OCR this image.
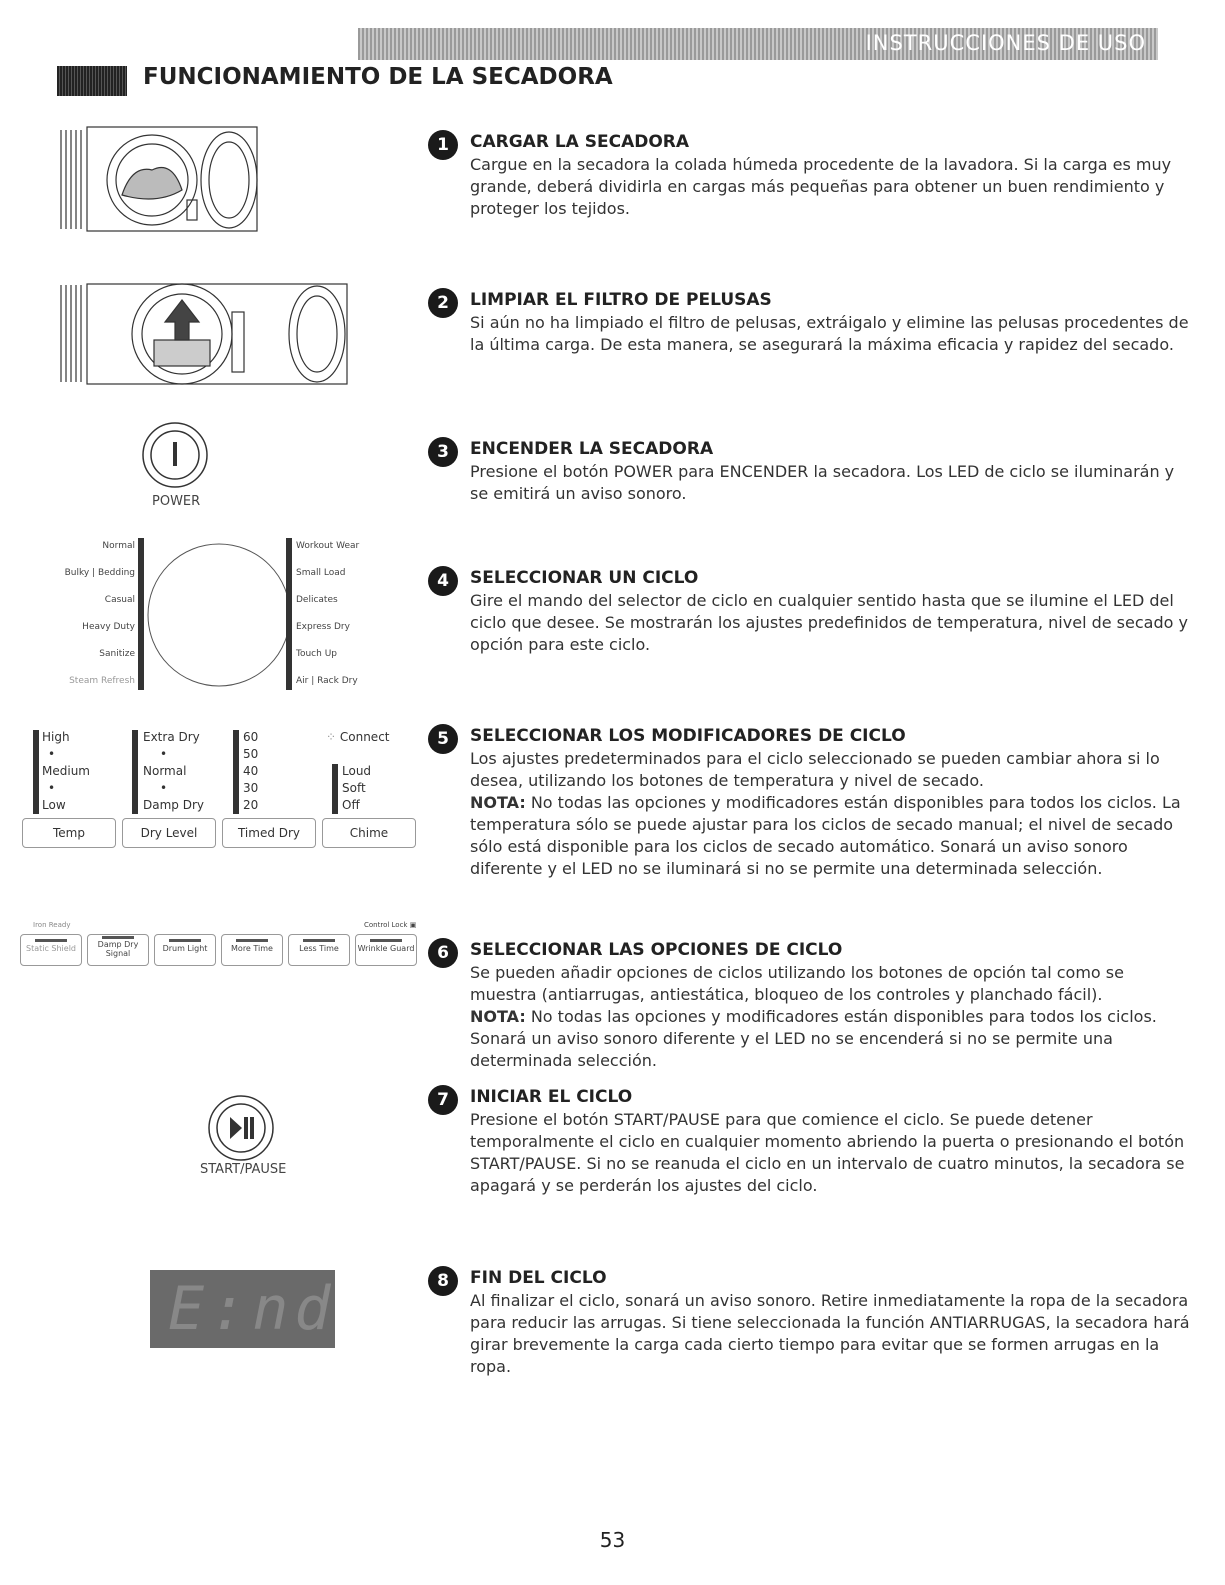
INSTRUCCIONES DE USO
FUNCIONAMIENTO DE LA SECADORA
POWER
Normal
Bulky | Bedding
Casual
Heavy Duty
Sanitize
Steam Refresh
Workout Wear
Small Load
Delicates
Express Dry
Touch Up
Air | Rack Dry
High
•
Medium
•
Low
Extra Dry
•
Normal
•
Damp Dry
60
50
40
30
20
⁘ Connect
Loud
Soft
Off
Temp	Dry Level	Timed Dry	Chime
Iron Ready	Control Lock ▣
Static Shield	Damp Dry Signal
Drum Light	More Time	Less Time	Wrinkle Guard
START/PAUSE
E:nd
1	CARGAR LA SECADORA

Cargue en la secadora la colada húmeda procedente de la lavadora. Si la carga es muy grande, deberá dividirla en cargas más pequeñas para obtener un buen rendimiento y proteger los tejidos.

2	LIMPIAR EL FILTRO DE PELUSAS

Si aún no ha limpiado el filtro de pelusas, extráigalo y elimine las pelusas procedentes de la última carga. De esta manera, se asegurará la máxima eficacia y rapidez del secado.

3	ENCENDER LA SECADORA

Presione el botón POWER para ENCENDER la secadora. Los LED de ciclo se iluminarán y se emitirá un aviso sonoro.

4	SELECCIONAR UN CICLO

Gire el mando del selector de ciclo en cualquier sentido hasta que se ilumine el LED del ciclo que desee. Se mostrarán los ajustes predefinidos de temperatura, nivel de secado y opción para este ciclo.

5	SELECCIONAR LOS MODIFICADORES DE CICLO

Los ajustes predeterminados para el ciclo seleccionado se pueden cambiar ahora si lo desea, utilizando los botones de temperatura y nivel de secado.

NOTA: No todas las opciones y modificadores están disponibles para todos los ciclos. La temperatura sólo se puede ajustar para los ciclos de secado manual; el nivel de secado sólo está disponible para los ciclos de secado automático. Sonará un aviso sonoro diferente y el LED no se iluminará si no se permite una determinada selección.

6	SELECCIONAR LAS OPCIONES DE CICLO

Se pueden añadir opciones de ciclos utilizando los botones de opción tal como se muestra (antiarrugas, antiestática, bloqueo de los controles y planchado fácil).

NOTA: No todas las opciones y modificadores están disponibles para todos los ciclos. Sonará un aviso sonoro diferente y el LED no se encenderá si no se permite una determinada selección.

7	INICIAR EL CICLO

Presione el botón START/PAUSE para que comience el ciclo. Se puede detener temporalmente el ciclo en cualquier momento abriendo la puerta o presionando el botón START/PAUSE. Si no se reanuda el ciclo en un intervalo de cuatro minutos, la secadora se apagará y se perderán los ajustes del ciclo.

8	FIN DEL CICLO

Al finalizar el ciclo, sonará un aviso sonoro. Retire inmediatamente la ropa de la secadora para reducir las arrugas. Si tiene seleccionada la función ANTIARRUGAS, la secadora hará girar brevemente la carga cada cierto tiempo para evitar que se formen arrugas en la ropa.

53
